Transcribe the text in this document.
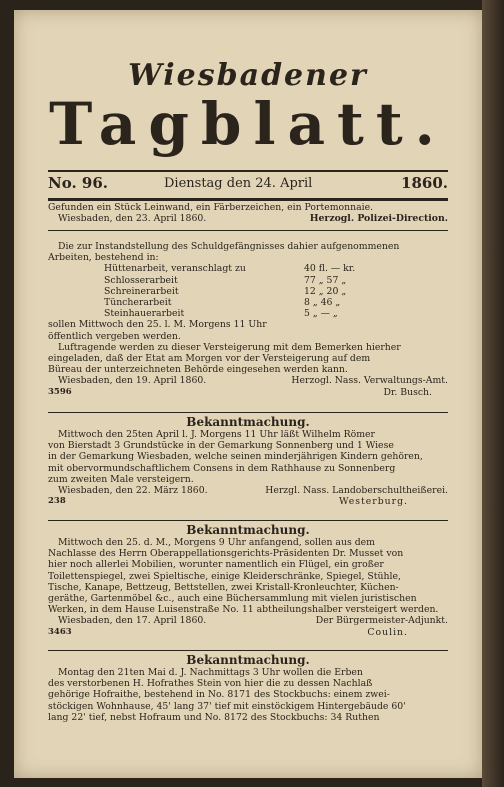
Wiesbadener
Tagblatt.
No. 96.	Dienstag den 24. April	1860.
Gefunden ein Stück Leinwand, ein Färberzeichen, ein Portemonnaie.
Wiesbaden, den 23. April 1860.	Herzogl. Polizei-Direction.
Die zur Instandstellung des Schuldgefängnisses dahier aufgenommenen
Arbeiten, bestehend in:
Hüttenarbeit, veranschlagt zu	40 fl. — kr.
Schlosserarbeit	77 „ 57 „
Schreinerarbeit	12 „ 20 „
Tüncherarbeit	8 „ 46 „
Steinhauerarbeit	5 „ — „
sollen Mittwoch den 25. l. M. Morgens 11 Uhr
öffentlich vergeben werden.
Luftragende werden zu dieser Versteigerung mit dem Bemerken hierher
eingeladen, daß der Etat am Morgen vor der Versteigerung auf dem
Büreau der unterzeichneten Behörde eingesehen werden kann.
Wiesbaden, den 19. April 1860.	Herzogl. Nass. Verwaltungs-Amt.
3596	Dr. Busch.
Bekanntmachung.
Mittwoch den 25ten April l. J. Morgens 11 Uhr läßt Wilhelm Römer
von Bierstadt 3 Grundstücke in der Gemarkung Sonnenberg und 1 Wiese
in der Gemarkung Wiesbaden, welche seinen minderjährigen Kindern gehören,
mit obervormundschaftlichem Consens in dem Rathhause zu Sonnenberg
zum zweiten Male versteigern.
Wiesbaden, den 22. März 1860.	Herzgl. Nass. Landoberschultheißerei.
238	Westerburg.
Bekanntmachung.
Mittwoch den 25. d. M., Morgens 9 Uhr anfangend, sollen aus dem
Nachlasse des Herrn Oberappellationsgerichts-Präsidenten Dr. Musset von
hier noch allerlei Mobilien, worunter namentlich ein Flügel, ein großer
Toilettenspiegel, zwei Spieltische, einige Kleiderschränke, Spiegel, Stühle,
Tische, Kanape, Bettzeug, Bettstellen, zwei Kristall-Kronleuchter, Küchen-
geräthe, Gartenmöbel &c., auch eine Büchersammlung mit vielen juristischen
Werken, in dem Hause Luisenstraße No. 11 abtheilungshalber versteigert werden.
Wiesbaden, den 17. April 1860.	Der Bürgermeister-Adjunkt.
3463	Coulin.
Bekanntmachung.
Montag den 21ten Mai d. J. Nachmittags 3 Uhr wollen die Erben
des verstorbenen H. Hofrathes Stein von hier die zu dessen Nachlaß
gehörige Hofraithe, bestehend in No. 8171 des Stockbuchs: einem zwei-
stöckigen Wohnhause, 45' lang 37' tief mit einstöckigem Hintergebäude 60'
lang 22' tief, nebst Hofraum und No. 8172 des Stockbuchs: 34 Ruthen
